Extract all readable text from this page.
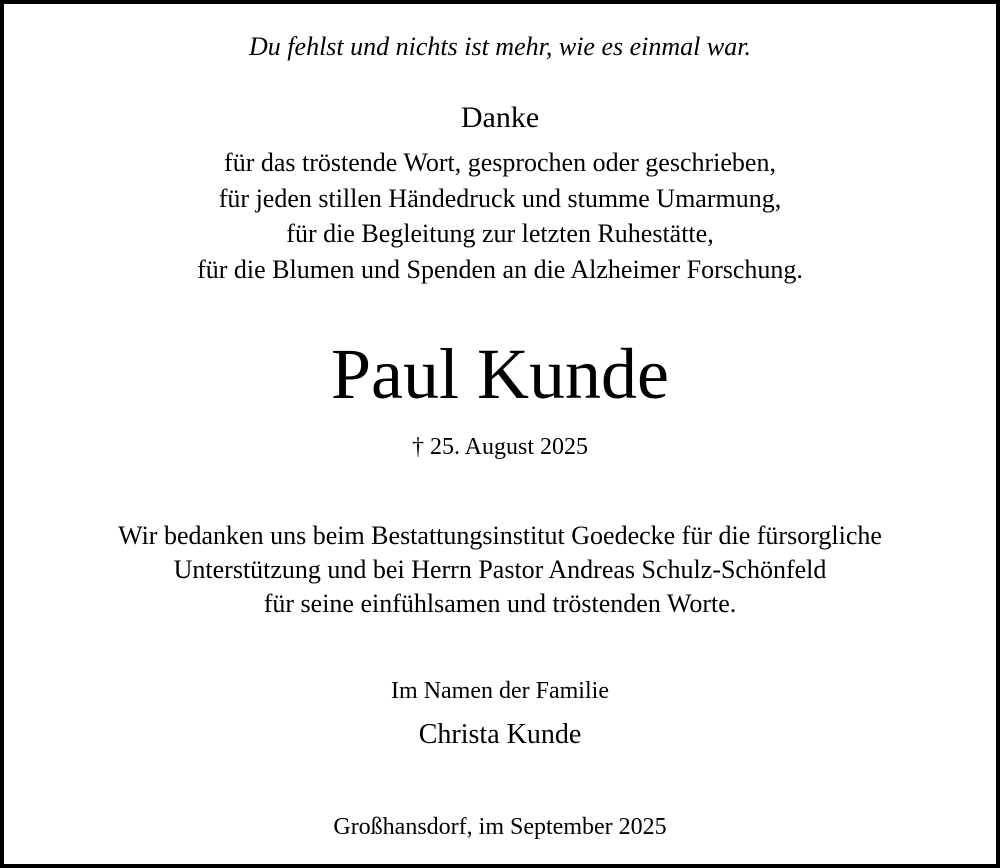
Du fehlst und nichts ist mehr, wie es einmal war.
Danke
für das tröstende Wort, gesprochen oder geschrieben,
für jeden stillen Händedruck und stumme Umarmung,
für die Begleitung zur letzten Ruhestätte,
für die Blumen und Spenden an die Alzheimer Forschung.
Paul Kunde
† 25. August 2025
Wir bedanken uns beim Bestattungsinstitut Goedecke für die fürsorgliche
Unterstützung und bei Herrn Pastor Andreas Schulz-Schönfeld
für seine einfühlsamen und tröstenden Worte.
Im Namen der Familie
Christa Kunde
Großhansdorf, im September 2025
